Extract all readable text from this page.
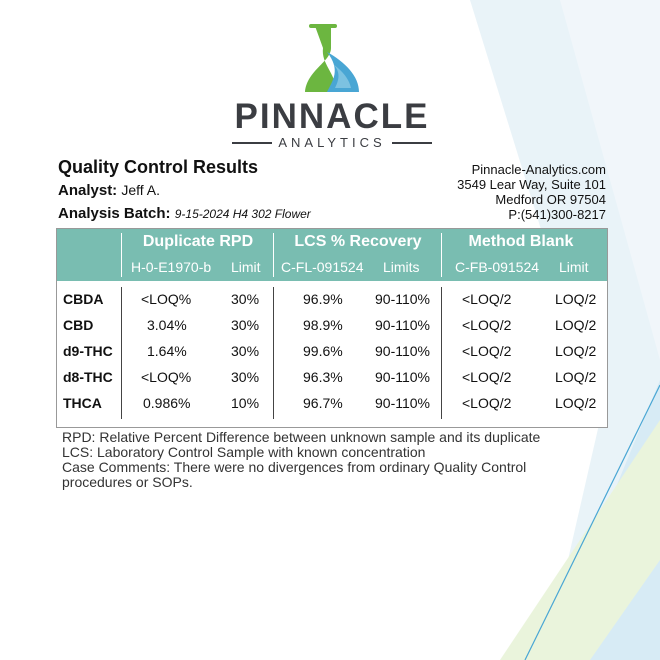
PINNACLE
ANALYTICS
Quality Control Results
Analyst: Jeff A.
Analysis Batch: 9-15-2024 H4 302 Flower
Pinnacle-Analytics.com
3549 Lear Way, Suite 101
Medford OR 97504
P:(541)300-8217
Duplicate RPD
H-0-E1970-b Limit
LCS % Recovery
C-FL-091524 Limits
Method Blank
C-FB-091524 Limit
CBDA	<LOQ%	30%	96.9% 90-110% <LOQ/2	LOQ/2
CBD	3.04%	30%	98.9% 90-110% <LOQ/2	LOQ/2
d9-THC 1.64%	30%	99.6% 90-110% <LOQ/2	LOQ/2
d8-THC <LOQ%	30%	96.3% 90-110% <LOQ/2	LOQ/2
THCA	0.986%	10%	96.7% 90-110% <LOQ/2	LOQ/2
RPD: Relative Percent Difference between unknown sample and its duplicate
LCS: Laboratory Control Sample with known concentration
Case Comments: There were no divergences from ordinary Quality Control procedures or SOPs.
